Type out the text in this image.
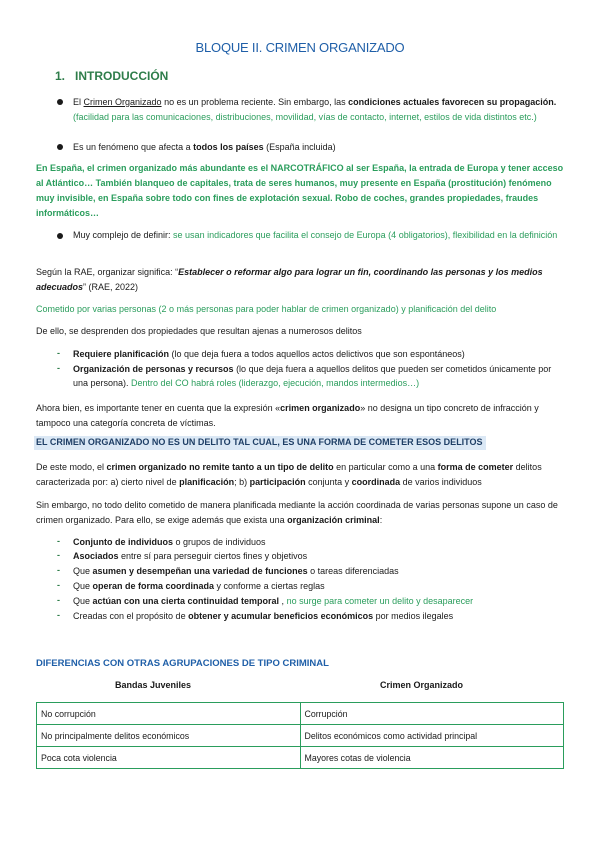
BLOQUE II. CRIMEN ORGANIZADO
1. INTRODUCCIÓN
El Crimen Organizado no es un problema reciente. Sin embargo, las condiciones actuales favorecen su propagación. (facilidad para las comunicaciones, distribuciones, movilidad, vías de contacto, internet, estilos de vida distintos etc.)
Es un fenómeno que afecta a todos los países (España incluida)
En España, el crimen organizado más abundante es el NARCOTRÁFICO al ser España, la entrada de Europa y tener acceso al Atlántico… También blanqueo de capitales, trata de seres humanos, muy presente en España (prostitución) fenómeno muy invisible, en España sobre todo con fines de explotación sexual. Robo de coches, grandes propiedades, fraudes informáticos…
Muy complejo de definir: se usan indicadores que facilita el consejo de Europa (4 obligatorios), flexibilidad en la definición
Según la RAE, organizar significa: “Establecer o reformar algo para lograr un fin, coordinando las personas y los medios adecuados” (RAE, 2022)
Cometido por varias personas (2 o más personas para poder hablar de crimen organizado) y planificación del delito
De ello, se desprenden dos propiedades que resultan ajenas a numerosos delitos
- Requiere planificación (lo que deja fuera a todos aquellos actos delictivos que son espontáneos)
- Organización de personas y recursos (lo que deja fuera a aquellos delitos que pueden ser cometidos únicamente por una persona). Dentro del CO habrá roles (liderazgo, ejecución, mandos intermedios…)
Ahora bien, es importante tener en cuenta que la expresión «crimen organizado» no designa un tipo concreto de infracción y tampoco una categoría concreta de víctimas.
EL CRIMEN ORGANIZADO NO ES UN DELITO TAL CUAL, ES UNA FORMA DE COMETER ESOS DELITOS
De este modo, el crimen organizado no remite tanto a un tipo de delito en particular como a una forma de cometer delitos caracterizada por: a) cierto nivel de planificación; b) participación conjunta y coordinada de varios individuos
Sin embargo, no todo delito cometido de manera planificada mediante la acción coordinada de varias personas supone un caso de crimen organizado. Para ello, se exige además que exista una organización criminal:
- Conjunto de individuos o grupos de individuos
- Asociados entre sí para perseguir ciertos fines y objetivos
- Que asumen y desempeñan una variedad de funciones o tareas diferenciadas
- Que operan de forma coordinada y conforme a ciertas reglas
- Que actúan con una cierta continuidad temporal , no surge para cometer un delito y desaparecer
- Creadas con el propósito de obtener y acumular beneficios económicos por medios ilegales
DIFERENCIAS CON OTRAS AGRUPACIONES DE TIPO CRIMINAL
Bandas Juveniles	Crimen Organizado
No corrupción	Corrupción
No principalmente delitos económicos	Delitos económicos como actividad principal
Poca cota violencia	Mayores cotas de violencia
